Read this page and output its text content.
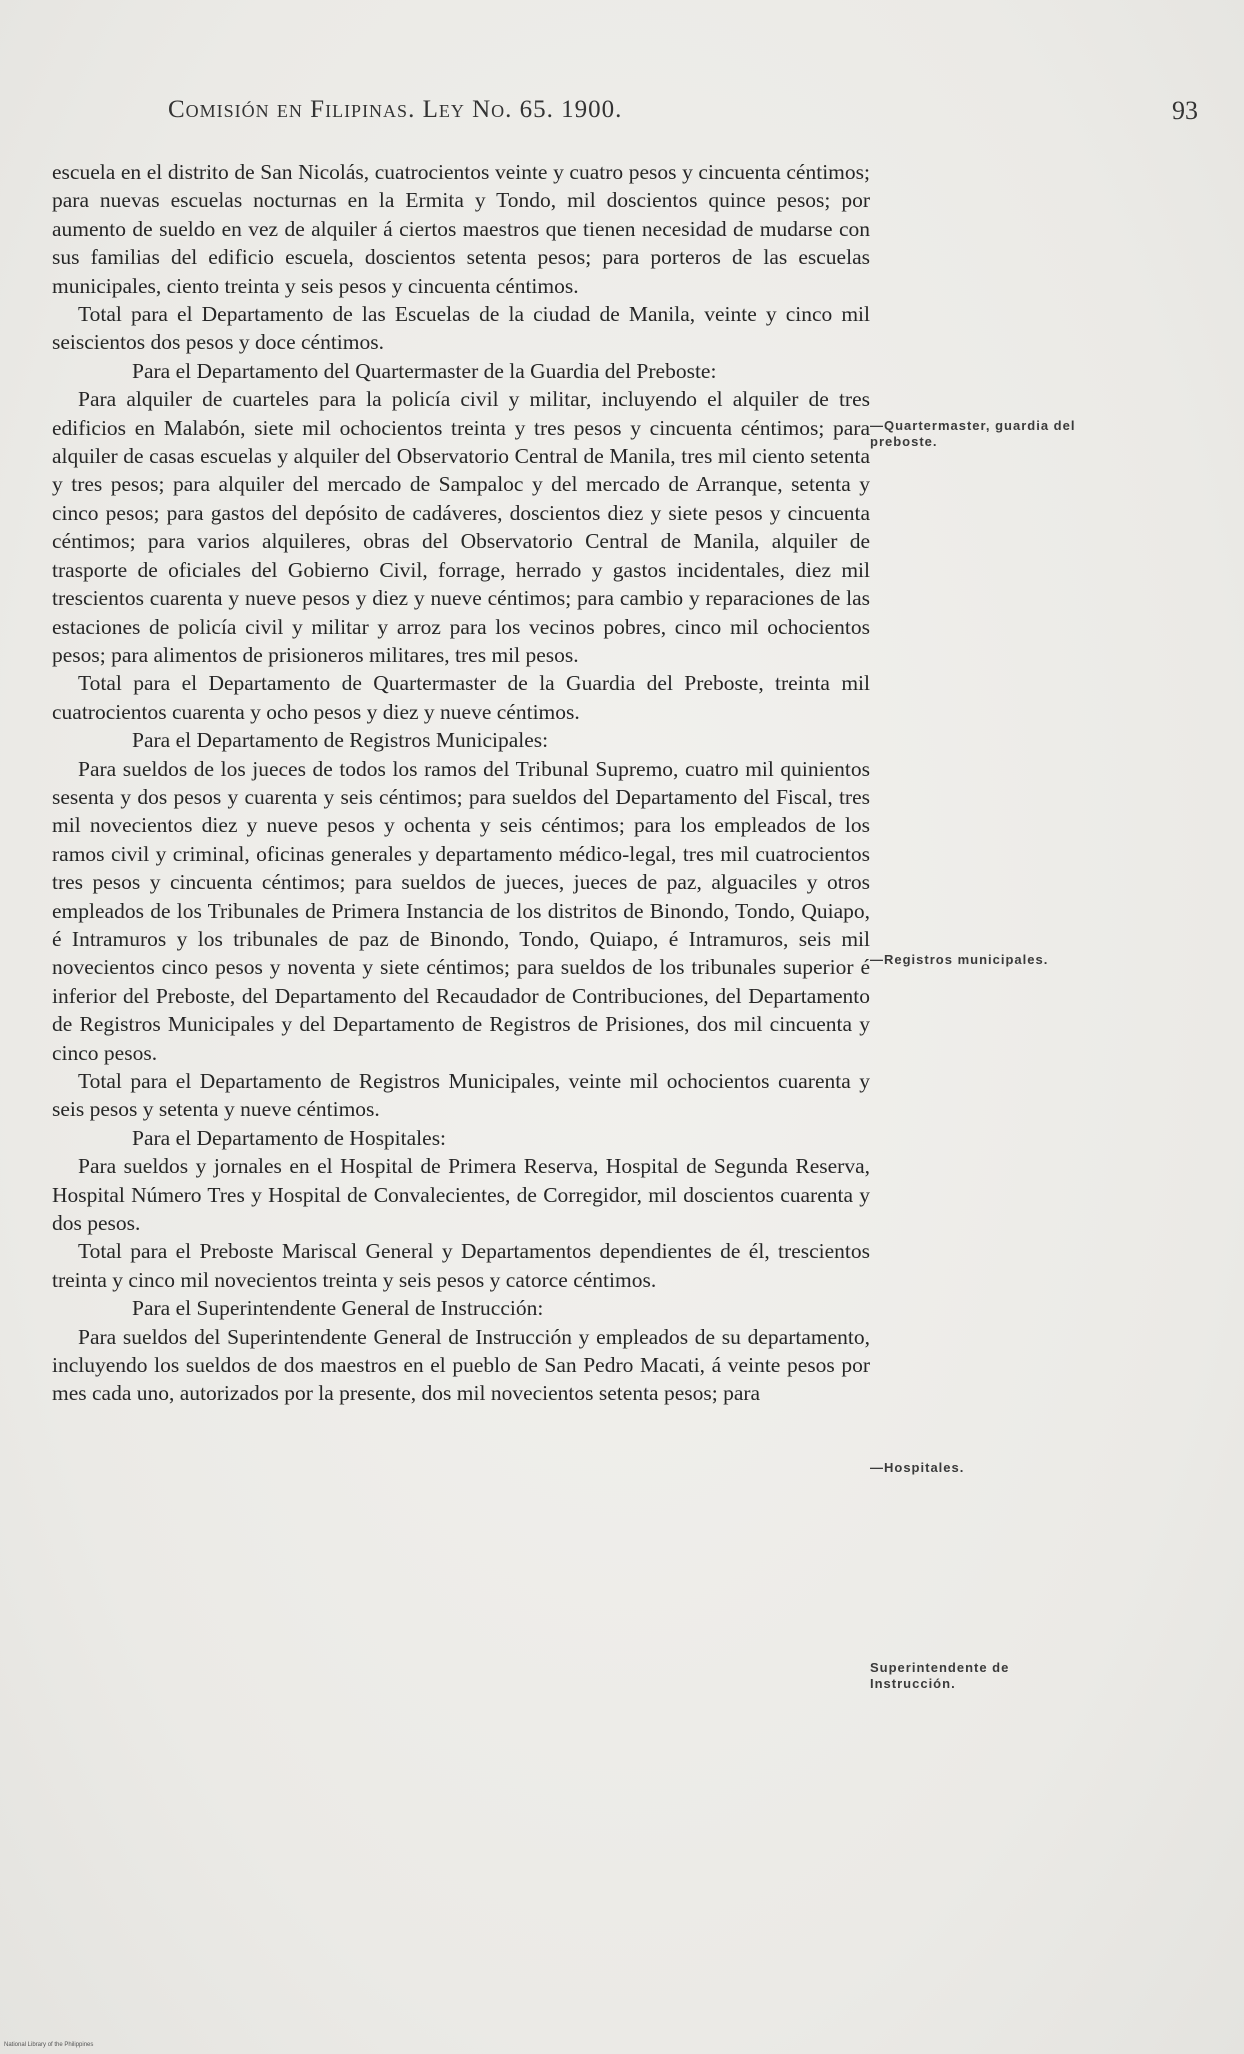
Comisión en Filipinas. Ley No. 65. 1900.	93

escuela en el distrito de San Nicolás, cuatrocientos veinte y cuatro pesos y cincuenta céntimos; para nuevas escuelas nocturnas en la Ermita y Tondo, mil doscientos quince pesos; por aumento de sueldo en vez de alquiler á ciertos maestros que tienen necesidad de mudarse con sus familias del edificio escuela, doscientos setenta pesos; para porteros de las escuelas municipales, ciento treinta y seis pesos y cincuenta céntimos.

Total para el Departamento de las Escuelas de la ciudad de Manila, veinte y cinco mil seiscientos dos pesos y doce céntimos.

Para el Departamento del Quartermaster de la Guardia del Preboste:

Para alquiler de cuarteles para la policía civil y militar, incluyendo el alquiler de tres edificios en Malabón, siete mil ochocientos treinta y tres pesos y cincuenta céntimos; para alquiler de casas escuelas y alquiler del Observatorio Central de Manila, tres mil ciento setenta y tres pesos; para alquiler del mercado de Sampaloc y del mercado de Arranque, setenta y cinco pesos; para gastos del depósito de cadáveres, doscientos diez y siete pesos y cincuenta céntimos; para varios alquileres, obras del Observatorio Central de Manila, alquiler de trasporte de oficiales del Gobierno Civil, forrage, herrado y gastos incidentales, diez mil trescientos cuarenta y nueve pesos y diez y nueve céntimos; para cambio y reparaciones de las estaciones de policía civil y militar y arroz para los vecinos pobres, cinco mil ochocientos pesos; para alimentos de prisioneros militares, tres mil pesos.

Total para el Departamento de Quartermaster de la Guardia del Preboste, treinta mil cuatrocientos cuarenta y ocho pesos y diez y nueve céntimos.

Para el Departamento de Registros Municipales:

Para sueldos de los jueces de todos los ramos del Tribunal Supremo, cuatro mil quinientos sesenta y dos pesos y cuarenta y seis céntimos; para sueldos del Departamento del Fiscal, tres mil novecientos diez y nueve pesos y ochenta y seis céntimos; para los empleados de los ramos civil y criminal, oficinas generales y departamento médico-legal, tres mil cuatrocientos tres pesos y cincuenta céntimos; para sueldos de jueces, jueces de paz, alguaciles y otros empleados de los Tribunales de Primera Instancia de los distritos de Binondo, Tondo, Quiapo, é Intramuros y los tribunales de paz de Binondo, Tondo, Quiapo, é Intramuros, seis mil novecientos cinco pesos y noventa y siete céntimos; para sueldos de los tribunales superior é inferior del Preboste, del Departamento del Recaudador de Contribuciones, del Departamento de Registros Municipales y del Departamento de Registros de Prisiones, dos mil cincuenta y cinco pesos.

Total para el Departamento de Registros Municipales, veinte mil ochocientos cuarenta y seis pesos y setenta y nueve céntimos.

Para el Departamento de Hospitales:

Para sueldos y jornales en el Hospital de Primera Reserva, Hospital de Segunda Reserva, Hospital Número Tres y Hospital de Convalecientes, de Corregidor, mil doscientos cuarenta y dos pesos.

Total para el Preboste Mariscal General y Departamentos dependientes de él, trescientos treinta y cinco mil novecientos treinta y seis pesos y catorce céntimos.

Para el Superintendente General de Instrucción:

Para sueldos del Superintendente General de Instrucción y empleados de su departamento, incluyendo los sueldos de dos maestros en el pueblo de San Pedro Macati, á veinte pesos por mes cada uno, autorizados por la presente, dos mil novecientos setenta pesos; para

—Quartermaster, guardia del preboste.
—Registros municipales.
—Hospitales.
Superintendente de Instrucción.
National Library of the Philippines
